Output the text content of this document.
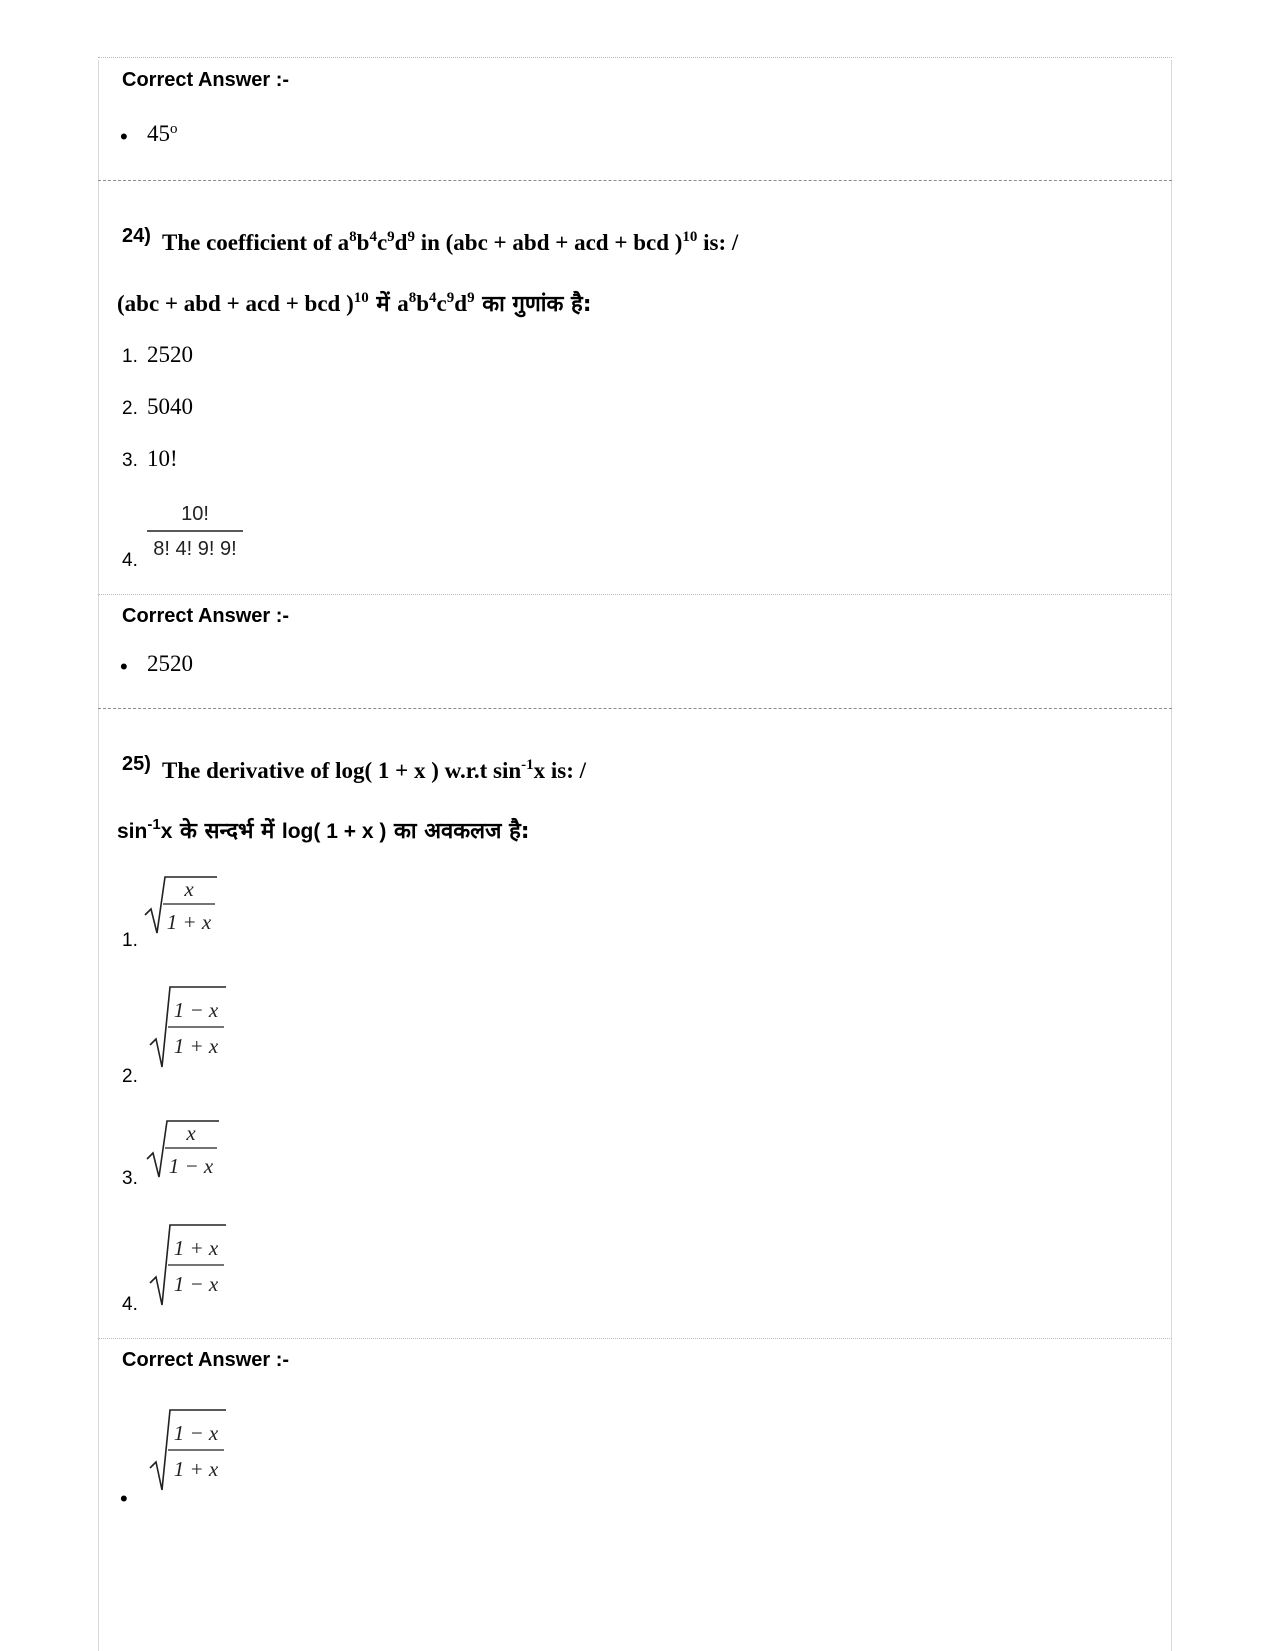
Correct Answer :-
• 45$^o$
24) The coefficient of $a^8b^4c^9d^9$ in (abc + abd + acd + bcd )$^{10}$ is: /
(abc + abd + acd + bcd )$^{10}$ में $a^8b^4c^9d^9$ का गुणांक है:
1. 2520
2. 5040
3. 10!
4.
10!
8! 4! 9! 9!
Correct Answer :-
• 2520
25) The derivative of log( 1 + x ) w.r.t $\sin^{-1}x$ is: /
$\sin^{-1}x$ के सन्दर्भ में log( 1 + x ) का अवकलज है:
1.
x
1 + x
2.
1 − x
1 + x
3.
x
1 − x
4.
1 + x
1 − x
Correct Answer :-
1 − x
1 + x
•
